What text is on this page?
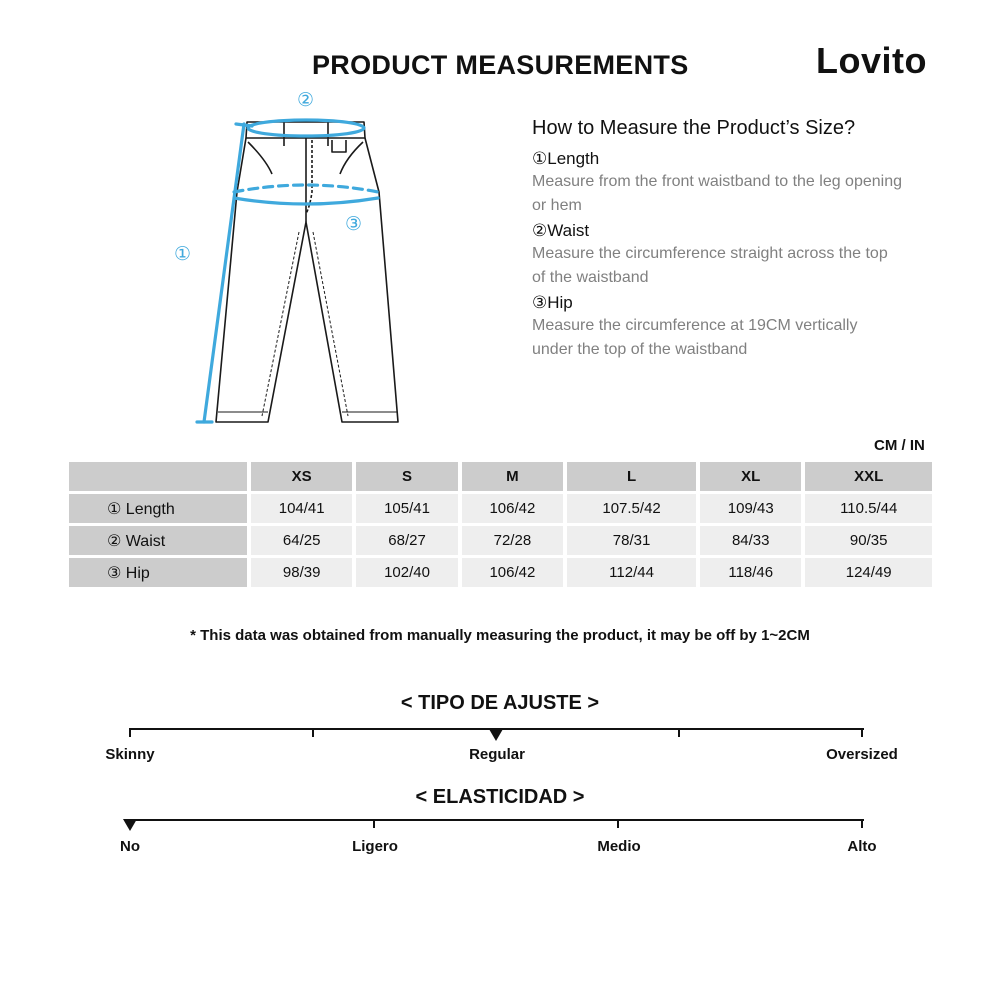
PRODUCT MEASUREMENTS	Lovito
①
②
③
How to Measure the Product’s Size?
①Length
Measure from the front waistband to the leg opening or hem
②Waist
Measure the circumference straight across the top of the waistband
③Hip
Measure the circumference at 19CM vertically under the top of the waistband
CM / IN
	XS	S	M	L	XL	XXL
① Length	104/41	105/41	106/42	107.5/42	109/43	110.5/44
② Waist	64/25	68/27	72/28	78/31	84/33	90/35
③ Hip	98/39	102/40	106/42	112/44	118/46	124/49
* This data was obtained from manually measuring the product, it may be off by 1~2CM
< TIPO DE AJUSTE >
Skinny	Regular	Oversized
< ELASTICIDAD >
No	Ligero	Medio	Alto
